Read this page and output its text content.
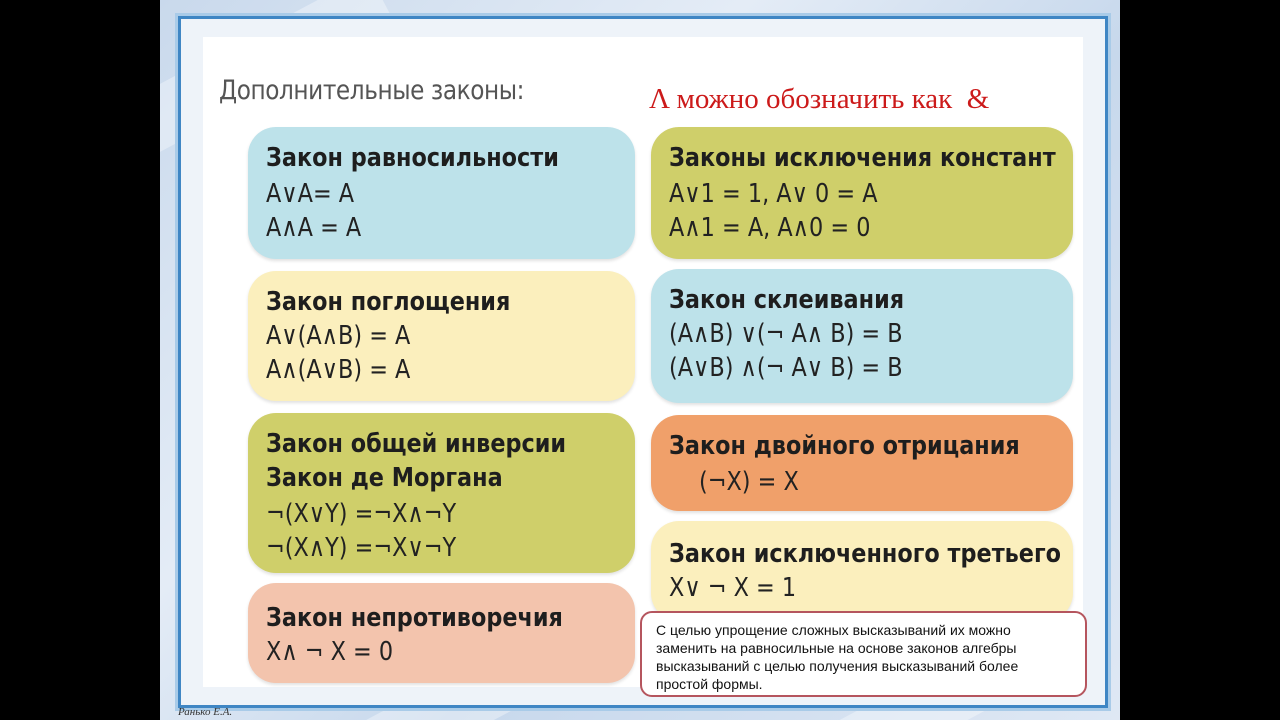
Дополнительные законы:	Λ можно обозначить как  &
Закон равносильности
A∨A= A
A∧A = A
Закон поглощения
A∨(A∧B) = A
A∧(A∨B) = A
Закон общей инверсии
Закон де Моргана
¬(X∨Y) =¬X∧¬Y
¬(X∧Y) =¬X∨¬Y
Закон непротиворечия
X∧ ¬ X = 0
Законы исключения констант
A∨1 = 1, A∨ 0 = A
A∧1 = A, A∧0 = 0
Закон склеивания
(A∧B) ∨(¬ A∧ B) = B
(A∨B) ∧(¬ A∨ B) = B
Закон двойного отрицания
(¬X) = X
Закон исключенного третьего
X∨ ¬ X = 1
С целью упрощение сложных высказываний их можно заменить на равносильные на основе законов алгебры высказываний с целью получения высказываний более простой формы.
Ранько Е.А.
